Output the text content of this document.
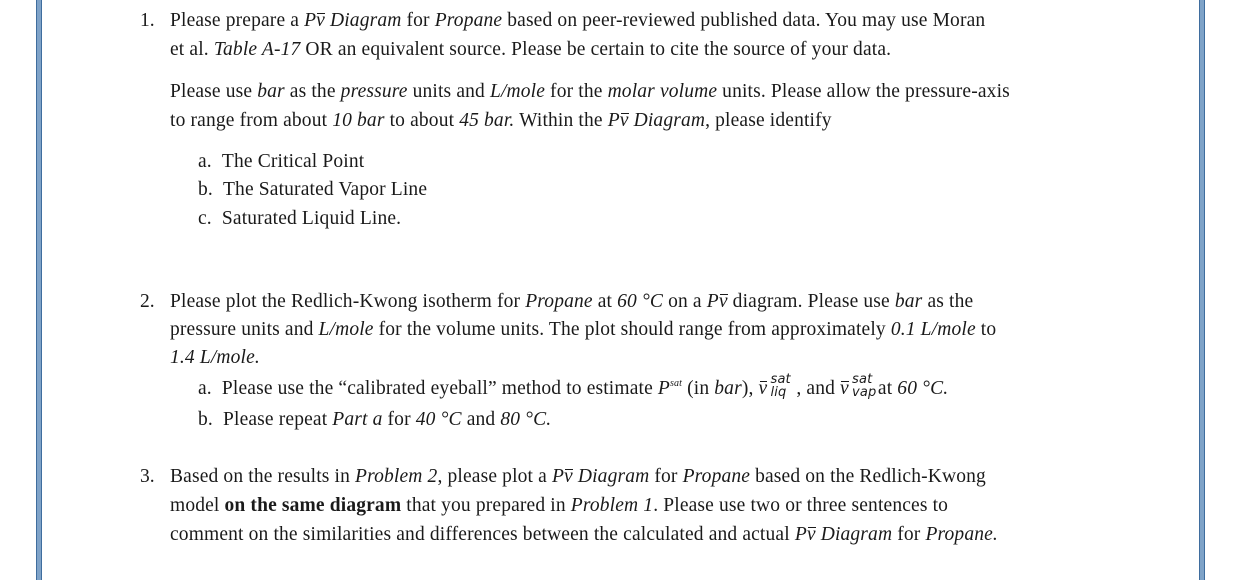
1. Please prepare a Pv Diagram for Propane based on peer-reviewed published data. You may use Moran
et al. Table A-17 OR an equivalent source. Please be certain to cite the source of your data.
Please use bar as the pressure units and L/mole for the molar volume units. Please allow the pressure-axis
to range from about 10 bar to about 45 bar. Within the Pv Diagram, please identify
a. The Critical Point
b. The Saturated Vapor Line
c. Saturated Liquid Line.
2. Please plot the Redlich-Kwong isotherm for Propane at 60 °C on a Pv diagram. Please use bar as the
pressure units and L/mole for the volume units. The plot should range from approximately 0.1 L/mole to
1.4 L/mole.
a. Please use the “calibrated eyeball” method to estimate $P^{sat}$ (in bar), v sat
liq , and v sat
vap
at 60 °C.
b. Please repeat Part a for 40 °C and 80 °C.
3. Based on the results in Problem 2, please plot a Pv Diagram for Propane based on the Redlich-Kwong
model on the same diagram that you prepared in Problem 1. Please use two or three sentences to
comment on the similarities and differences between the calculated and actual Pv Diagram for Propane.
